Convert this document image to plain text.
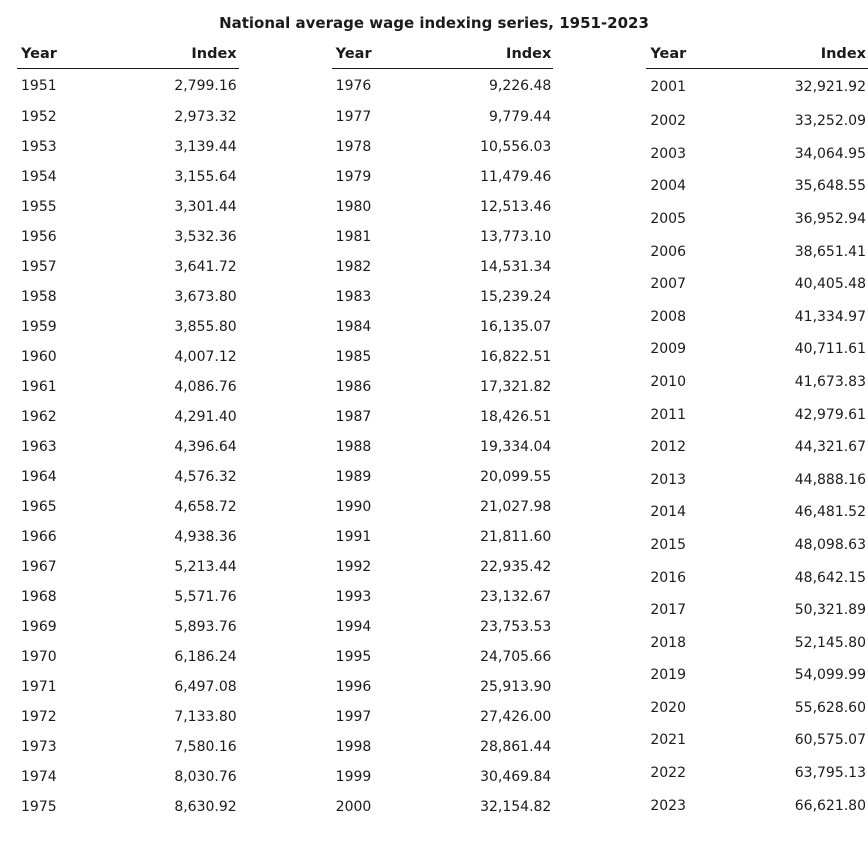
National average wage indexing series, 1951-2023
Year	Index
1951	2,799.16
1952	2,973.32
1953	3,139.44
1954	3,155.64
1955	3,301.44
1956	3,532.36
1957	3,641.72
1958	3,673.80
1959	3,855.80
1960	4,007.12
1961	4,086.76
1962	4,291.40
1963	4,396.64
1964	4,576.32
1965	4,658.72
1966	4,938.36
1967	5,213.44
1968	5,571.76
1969	5,893.76
1970	6,186.24
1971	6,497.08
1972	7,133.80
1973	7,580.16
1974	8,030.76
1975	8,630.92
Year	Index
1976	9,226.48
1977	9,779.44
1978	10,556.03
1979	11,479.46
1980	12,513.46
1981	13,773.10
1982	14,531.34
1983	15,239.24
1984	16,135.07
1985	16,822.51
1986	17,321.82
1987	18,426.51
1988	19,334.04
1989	20,099.55
1990	21,027.98
1991	21,811.60
1992	22,935.42
1993	23,132.67
1994	23,753.53
1995	24,705.66
1996	25,913.90
1997	27,426.00
1998	28,861.44
1999	30,469.84
2000	32,154.82
Year	Index
2001	32,921.92
2002	33,252.09
2003	34,064.95
2004	35,648.55
2005	36,952.94
2006	38,651.41
2007	40,405.48
2008	41,334.97
2009	40,711.61
2010	41,673.83
2011	42,979.61
2012	44,321.67
2013	44,888.16
2014	46,481.52
2015	48,098.63
2016	48,642.15
2017	50,321.89
2018	52,145.80
2019	54,099.99
2020	55,628.60
2021	60,575.07
2022	63,795.13
2023	66,621.80
